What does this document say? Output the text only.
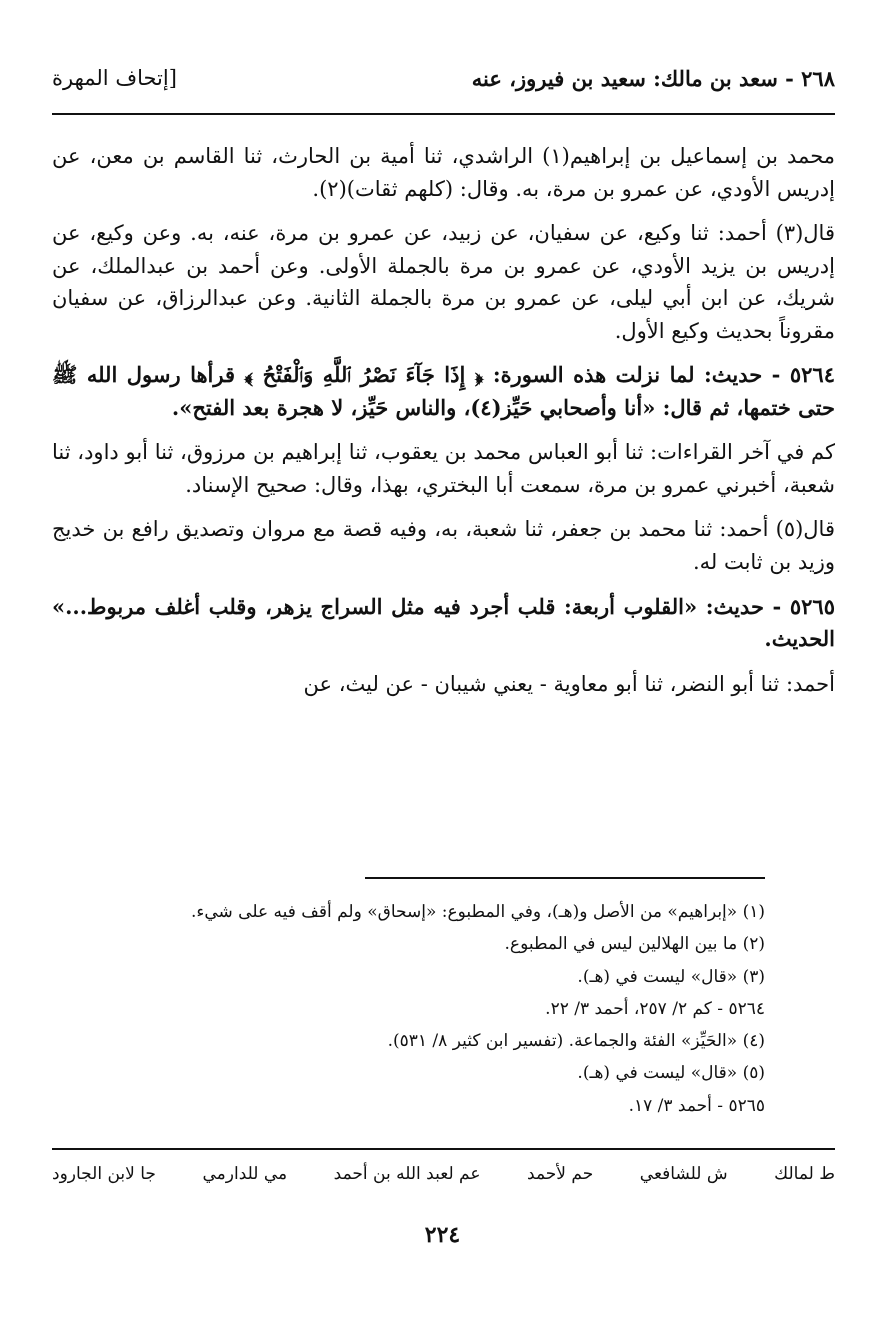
٢٦٨ - سعد بن مالك: سعيد بن فيروز، عنه
[إتحاف المهرة

محمد بن إسماعيل بن إبراهيم(١) الراشدي، ثنا أمية بن الحارث، ثنا القاسم بن معن، عن إدريس الأودي، عن عمرو بن مرة، به. وقال: (كلهم ثقات)(٢).

قال(٣) أحمد: ثنا وكيع، عن سفيان، عن زبيد، عن عمرو بن مرة، عنه، به. وعن وكيع، عن إدريس بن يزيد الأودي، عن عمرو بن مرة بالجملة الأولى. وعن أحمد بن عبدالملك، عن شريك، عن ابن أبي ليلى، عن عمرو بن مرة بالجملة الثانية. وعن عبدالرزاق، عن سفيان مقروناً بحديث وكيع الأول.

٥٢٦٤ - حديث: لما نزلت هذه السورة: ﴿ إِذَا جَآءَ نَصْرُ ٱللَّهِ وَٱلْفَتْحُ ﴾ قرأها رسول الله ﷺ حتى ختمها، ثم قال: «أنا وأصحابي حَيِّز(٤)، والناس حَيِّز، لا هجرة بعد الفتح».

كم في آخر القراءات: ثنا أبو العباس محمد بن يعقوب، ثنا إبراهيم بن مرزوق، ثنا أبو داود، ثنا شعبة، أخبرني عمرو بن مرة، سمعت أبا البختري، بهذا، وقال: صحيح الإسناد.

قال(٥) أحمد: ثنا محمد بن جعفر، ثنا شعبة، به، وفيه قصة مع مروان وتصديق رافع بن خديج وزيد بن ثابت له.

٥٢٦٥ - حديث: «القلوب أربعة: قلب أجرد فيه مثل السراج يزهر، وقلب أغلف مربوط...» الحديث.

أحمد: ثنا أبو النضر، ثنا أبو معاوية - يعني شيبان - عن ليث، عن

(١) «إبراهيم» من الأصل و(هـ)، وفي المطبوع: «إسحاق» ولم أقف فيه على شيء.
(٢) ما بين الهلالين ليس في المطبوع.
(٣) «قال» ليست في (هـ).
٥٢٦٤ - كم ٢/ ٢٥٧، أحمد ٣/ ٢٢.
(٤) «الحَيِّز» الفئة والجماعة. (تفسير ابن كثير ٨/ ٥٣١).
(٥) «قال» ليست في (هـ).
٥٢٦٥ - أحمد ٣/ ١٧.
ط لمالك
ش للشافعي
حم لأحمد
عم لعبد الله بن أحمد
مي للدارمي
جا لابن الجارود
٢٢٤
